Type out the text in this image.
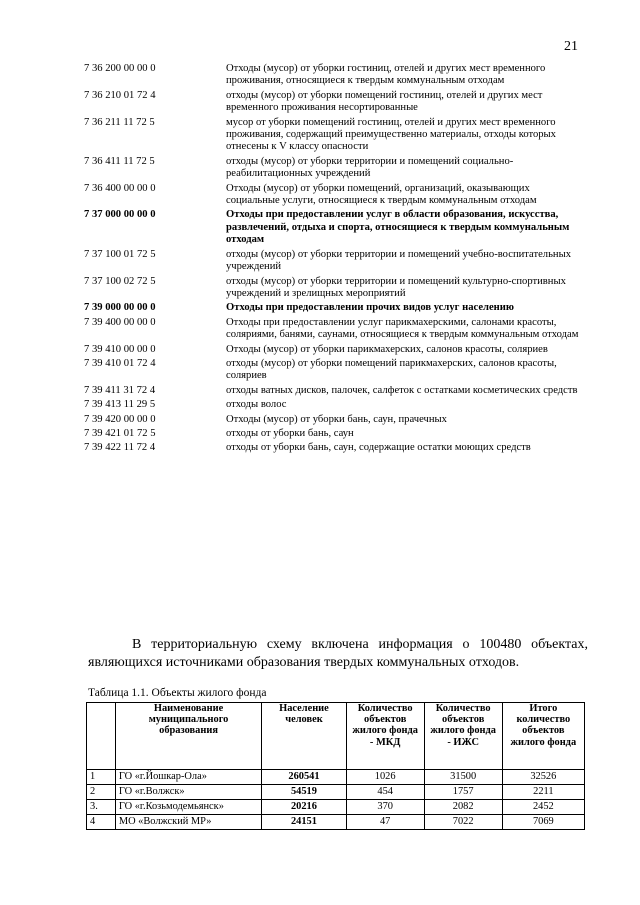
21
7 36 200 00 00 0	Отходы (мусор) от уборки гостиниц, отелей и других мест временного проживания, относящиеся к твердым коммунальным отходам
7 36 210 01 72 4	отходы (мусор) от уборки помещений гостиниц, отелей и других мест временного проживания несортированные
7 36 211 11 72 5	мусор от уборки помещений гостиниц, отелей и других мест временного проживания, содержащий преимущественно материалы, отходы которых отнесены к V классу опасности
7 36 411 11 72 5	отходы (мусор) от уборки территории и помещений социально-реабилитационных учреждений
7 36 400 00 00 0	Отходы (мусор) от уборки помещений, организаций, оказывающих социальные услуги, относящиеся к твердым коммунальным отходам
7 37 000 00 00 0	Отходы при предоставлении услуг в области образования, искусства, развлечений, отдыха и спорта, относящиеся к твердым коммунальным отходам
7 37 100 01 72 5	отходы (мусор) от уборки территории и помещений учебно-воспитательных учреждений
7 37 100 02 72 5	отходы (мусор) от уборки территории и помещений культурно-спортивных учреждений и зрелищных мероприятий
7 39 000 00 00 0	Отходы при предоставлении прочих видов услуг населению
7 39 400 00 00 0	Отходы при предоставлении услуг парикмахерскими, салонами красоты, соляриями, банями, саунами, относящиеся к твердым коммунальным отходам
7 39 410 00 00 0	Отходы (мусор) от уборки парикмахерских, салонов красоты, соляриев
7 39 410 01 72 4	отходы (мусор) от уборки помещений парикмахерских, салонов красоты, соляриев
7 39 411 31 72 4	отходы ватных дисков, палочек, салфеток с остатками косметических средств
7 39 413 11 29 5	отходы волос
7 39 420 00 00 0	Отходы (мусор) от уборки бань, саун, прачечных
7 39 421 01 72 5	отходы от уборки бань, саун
7 39 422 11 72 4	отходы от уборки бань, саун, содержащие остатки моющих средств

В территориальную схему включена информация о 100480 объектах, являющихся источниками образования твердых коммунальных отходов.

Таблица 1.1. Объекты жилого фонда
	Наименование муниципального образования	Население человек	Количество объектов жилого фонда - МКД	Количество объектов жилого фонда - ИЖС	Итого количество объектов жилого фонда
1	ГО «г.Йошкар-Ола»	260541	1026	31500	32526
2	ГО «г.Волжск»	54519	454	1757	2211
3.	ГО «г.Козьмодемьянск»	20216	370	2082	2452
4	МО «Волжский МР»	24151	47	7022	7069
